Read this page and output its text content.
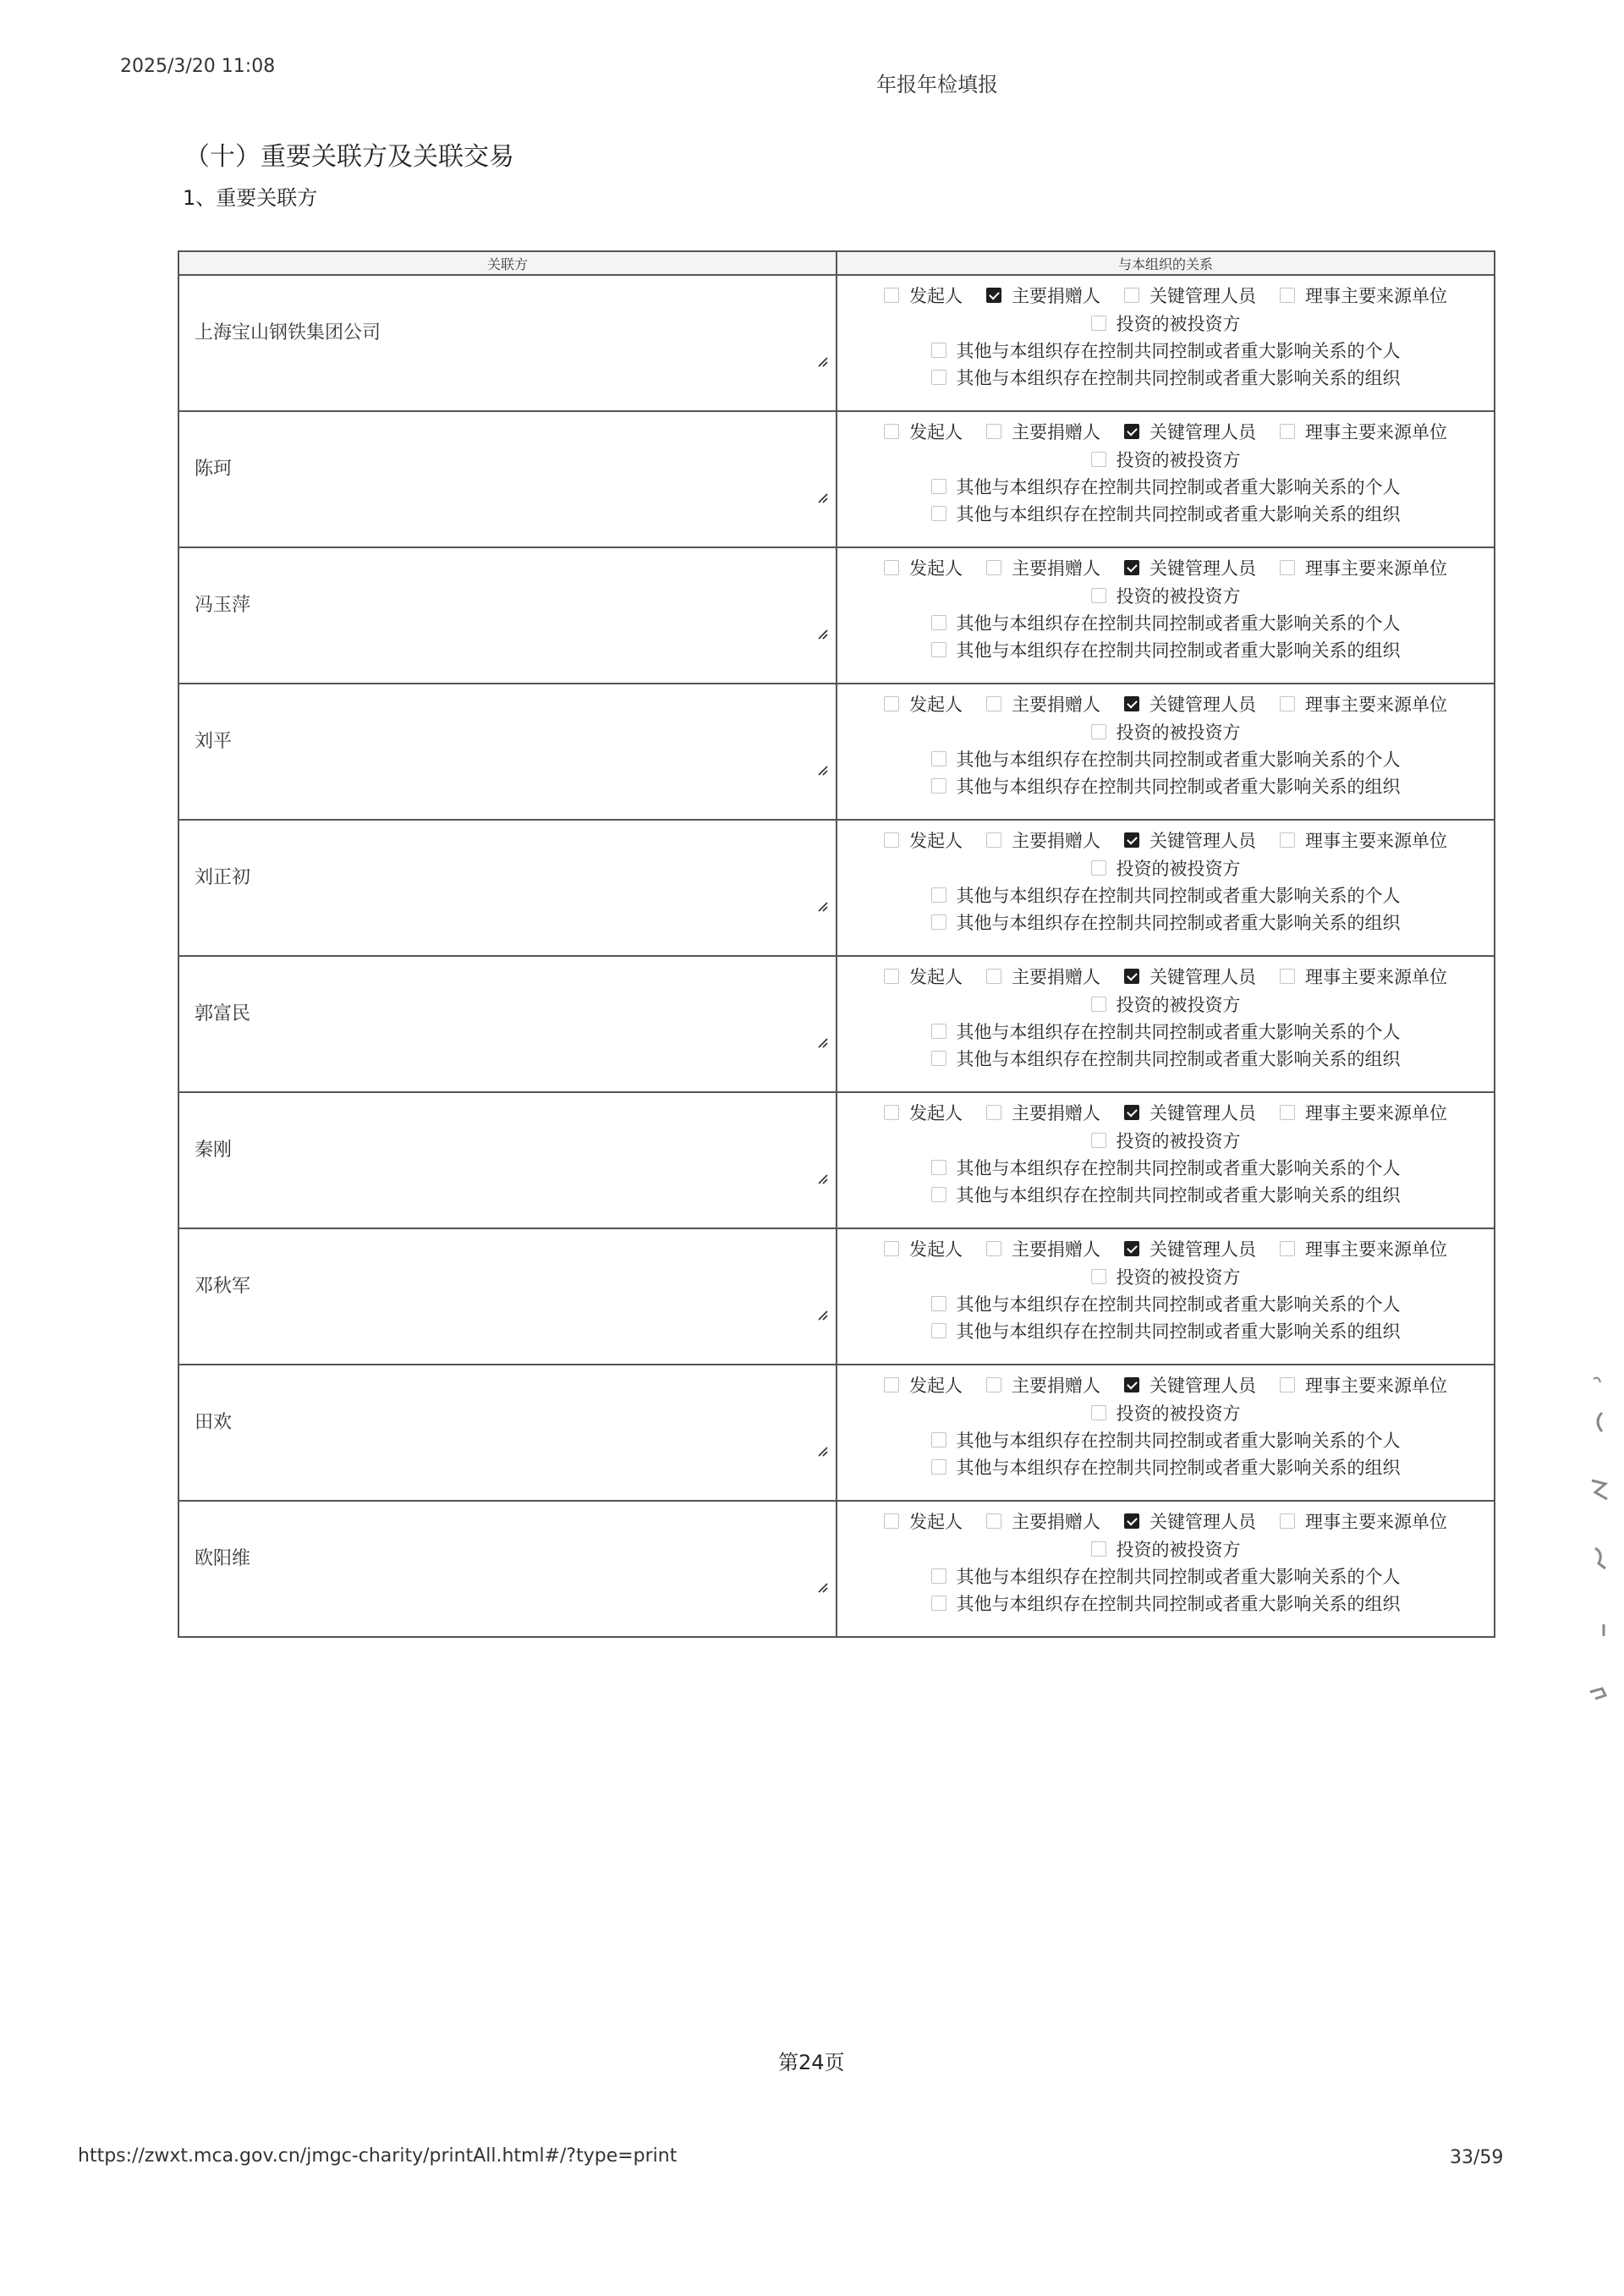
2025/3/20 11:08
年报年检填报
（十）重要关联方及关联交易
1、重要关联方
关联方	与本组织的关系
上海宝山钢铁集团公司
发起人	主要捐赠人	关键管理人员	理事主要来源单位
投资的被投资方
其他与本组织存在控制共同控制或者重大影响关系的个人
其他与本组织存在控制共同控制或者重大影响关系的组织
陈珂
发起人	主要捐赠人	关键管理人员	理事主要来源单位
投资的被投资方
其他与本组织存在控制共同控制或者重大影响关系的个人
其他与本组织存在控制共同控制或者重大影响关系的组织
冯玉萍
发起人	主要捐赠人	关键管理人员	理事主要来源单位
投资的被投资方
其他与本组织存在控制共同控制或者重大影响关系的个人
其他与本组织存在控制共同控制或者重大影响关系的组织
刘平
发起人	主要捐赠人	关键管理人员	理事主要来源单位
投资的被投资方
其他与本组织存在控制共同控制或者重大影响关系的个人
其他与本组织存在控制共同控制或者重大影响关系的组织
刘正初
发起人	主要捐赠人	关键管理人员	理事主要来源单位
投资的被投资方
其他与本组织存在控制共同控制或者重大影响关系的个人
其他与本组织存在控制共同控制或者重大影响关系的组织
郭富民
发起人	主要捐赠人	关键管理人员	理事主要来源单位
投资的被投资方
其他与本组织存在控制共同控制或者重大影响关系的个人
其他与本组织存在控制共同控制或者重大影响关系的组织
秦刚
发起人	主要捐赠人	关键管理人员	理事主要来源单位
投资的被投资方
其他与本组织存在控制共同控制或者重大影响关系的个人
其他与本组织存在控制共同控制或者重大影响关系的组织
邓秋军
发起人	主要捐赠人	关键管理人员	理事主要来源单位
投资的被投资方
其他与本组织存在控制共同控制或者重大影响关系的个人
其他与本组织存在控制共同控制或者重大影响关系的组织
田欢
发起人	主要捐赠人	关键管理人员	理事主要来源单位
投资的被投资方
其他与本组织存在控制共同控制或者重大影响关系的个人
其他与本组织存在控制共同控制或者重大影响关系的组织
欧阳维
发起人	主要捐赠人	关键管理人员	理事主要来源单位
投资的被投资方
其他与本组织存在控制共同控制或者重大影响关系的个人
其他与本组织存在控制共同控制或者重大影响关系的组织
第24页
https://zwxt.mca.gov.cn/jmgc-charity/printAll.html#/?type=print	33/59
